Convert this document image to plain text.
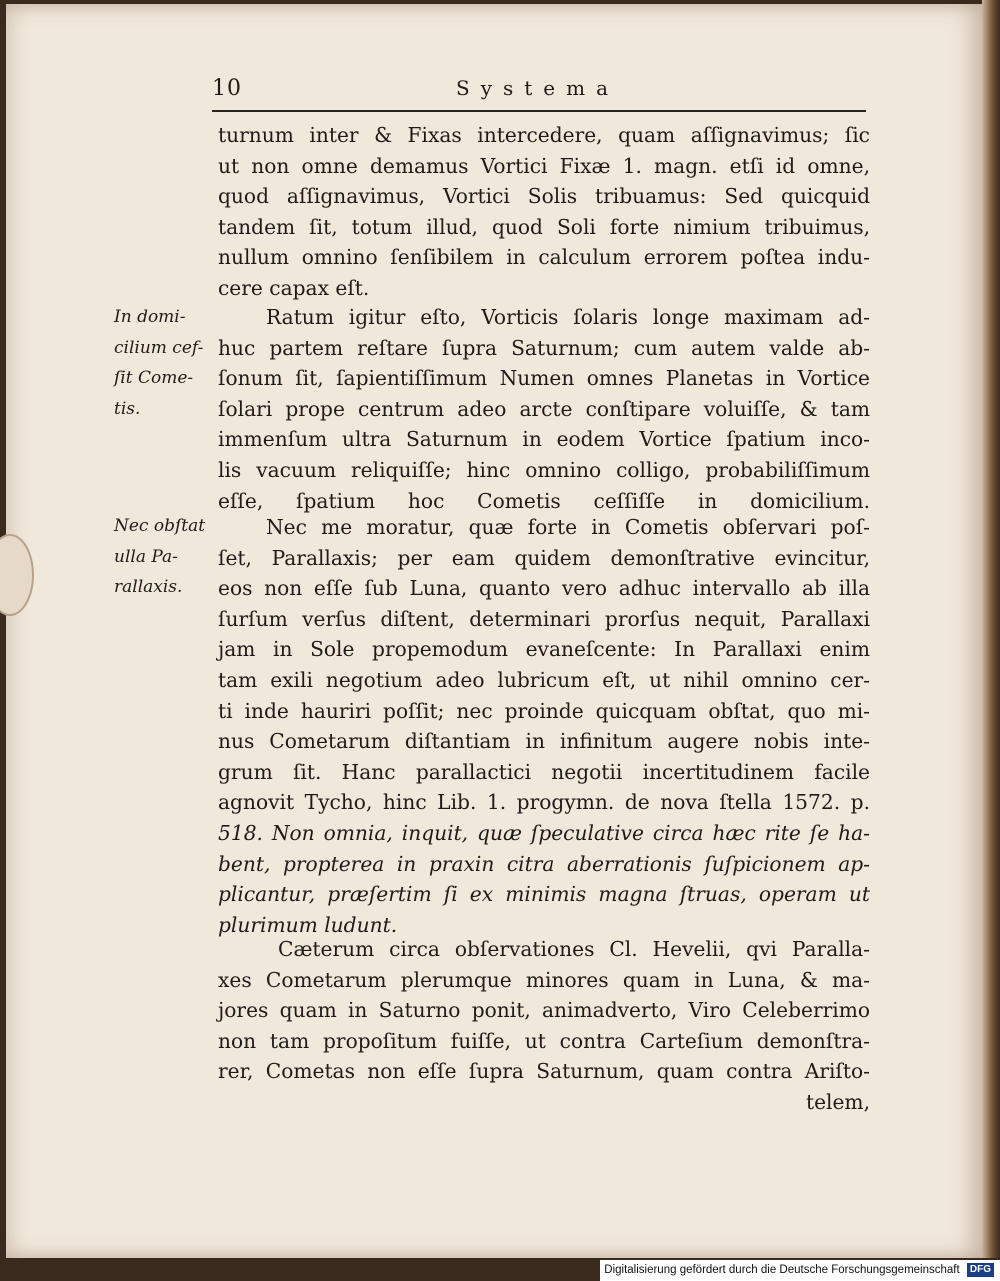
10	Systema
In domi-
cilium cef-
ſit Come-
tis.
Nec obſtat
ulla Pa-
rallaxis.

turnum inter & Fixas intercedere, quam aſſignavimus; ſic
ut non omne demamus Vortici Fixæ 1. magn. etſi id omne,
quod aſſignavimus, Vortici Solis tribuamus: Sed quicquid
tandem ſit, totum illud, quod Soli forte nimium tribuimus,
nullum omnino ſenſibilem in calculum errorem poſtea indu-
cere capax eſt.

Ratum igitur eſto, Vorticis ſolaris longe maximam ad-
huc partem reſtare ſupra Saturnum; cum autem valde ab-
ſonum ſit, ſapientiſſimum Numen omnes Planetas in Vortice
ſolari prope centrum adeo arcte conſtipare voluiſſe, & tam
immenſum ultra Saturnum in eodem Vortice ſpatium inco-
lis vacuum reliquiſſe; hinc omnino colligo, probabiliſſimum
eſſe, ſpatium hoc Cometis ceſſiſſe in domicilium.

Nec me moratur, quæ forte in Cometis obſervari poſ-
ſet, Parallaxis; per eam quidem demonſtrative evincitur,
eos non eſſe ſub Luna, quanto vero adhuc intervallo ab illa
ſurſum verſus diſtent, determinari prorſus nequit, Parallaxi
jam in Sole propemodum evaneſcente: In Parallaxi enim
tam exili negotium adeo lubricum eſt, ut nihil omnino cer-
ti inde hauriri poſſit; nec proinde quicquam obſtat, quo mi-
nus Cometarum diſtantiam in infinitum augere nobis inte-
grum ſit. Hanc parallactici negotii incertitudinem facile
agnovit Tycho, hinc Lib. 1. progymn. de nova ſtella 1572. p.
518. Non omnia, inquit, quæ ſpeculative circa hæc rite ſe ha-
bent, propterea in praxin citra aberrationis ſuſpicionem ap-
plicantur, præſertim ſi ex minimis magna ſtruas, operam ut
plurimum ludunt.

Cæterum circa obſervationes Cl. Hevelii, qvi Paralla-
xes Cometarum plerumque minores quam in Luna, & ma-
jores quam in Saturno ponit, animadverto, Viro Celeberrimo
non tam propoſitum fuiſſe, ut contra Carteſium demonſtra-
rer, Cometas non eſſe ſupra Saturnum, quam contra Ariſto-
telem,

Digitalisierung gefördert durch die Deutsche Forschungsgemeinschaft DFG
